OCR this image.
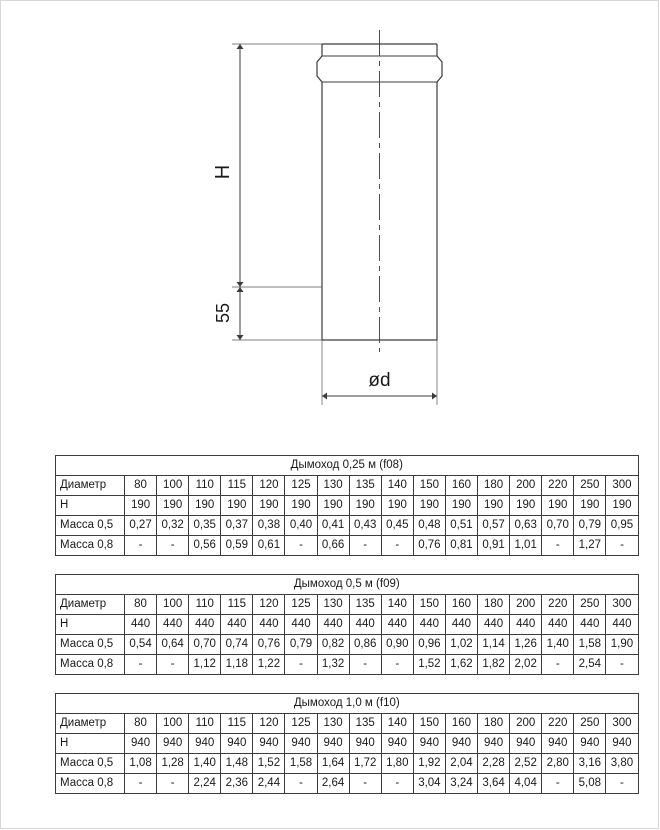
H
55
ød
Дымоход 0,25 м (f08)																
Диаметр	80	100	110	115	120	125	130	135	140	150	160	180	200	220	250	300
H	190	190	190	190	190	190	190	190	190	190	190	190	190	190	190	190
Масса 0,5	0,27	0,32	0,35	0,37	0,38	0,40	0,41	0,43	0,45	0,48	0,51	0,57	0,63	0,70	0,79	0,95
Масса 0,8	-	-	0,56	0,59	0,61	-	0,66	-	-	0,76	0,81	0,91	1,01	-	1,27	-
Дымоход 0,5 м (f09)																
Диаметр	80	100	110	115	120	125	130	135	140	150	160	180	200	220	250	300
H	440	440	440	440	440	440	440	440	440	440	440	440	440	440	440	440
Масса 0,5	0,54	0,64	0,70	0,74	0,76	0,79	0,82	0,86	0,90	0,96	1,02	1,14	1,26	1,40	1,58	1,90
Масса 0,8	-	-	1,12	1,18	1,22	-	1,32	-	-	1,52	1,62	1,82	2,02	-	2,54	-
Дымоход 1,0 м (f10)																
Диаметр	80	100	110	115	120	125	130	135	140	150	160	180	200	220	250	300
H	940	940	940	940	940	940	940	940	940	940	940	940	940	940	940	940
Масса 0,5	1,08	1,28	1,40	1,48	1,52	1,58	1,64	1,72	1,80	1,92	2,04	2,28	2,52	2,80	3,16	3,80
Масса 0,8	-	-	2,24	2,36	2,44	-	2,64	-	-	3,04	3,24	3,64	4,04	-	5,08	-
